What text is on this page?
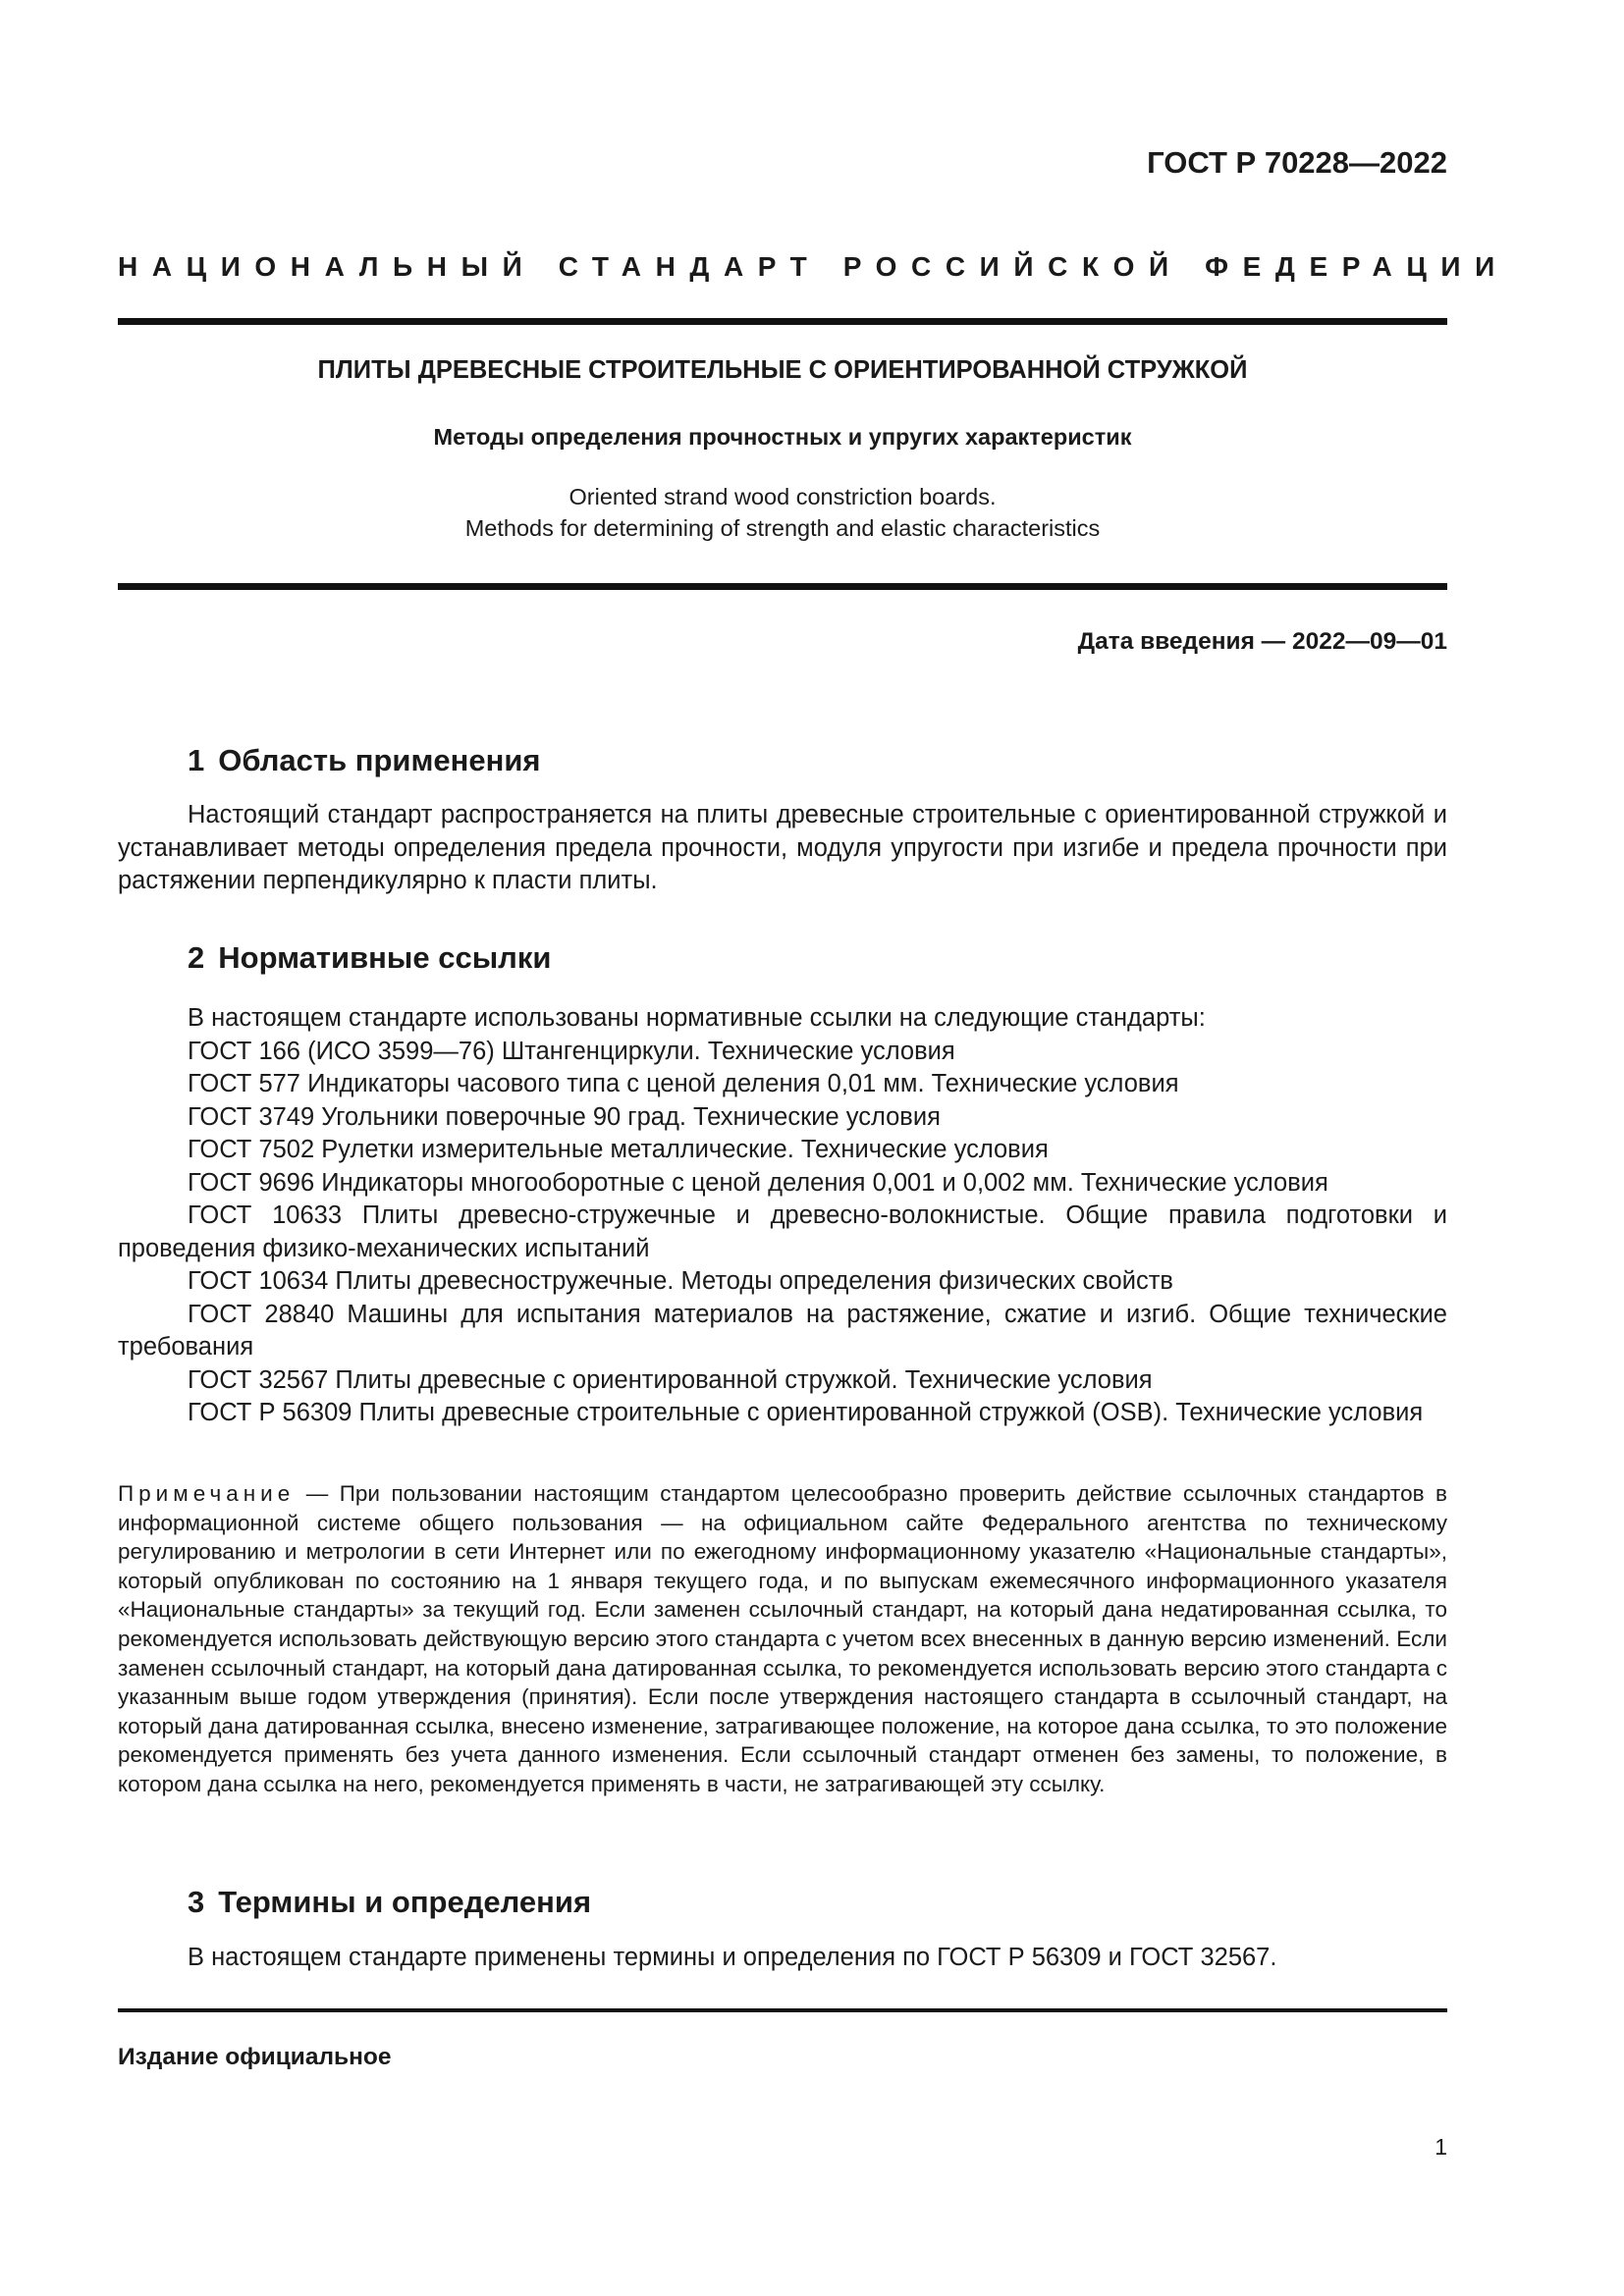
ГОСТ Р 70228—2022
НАЦИОНАЛЬНЫЙ СТАНДАРТ РОССИЙСКОЙ ФЕДЕРАЦИИ
ПЛИТЫ ДРЕВЕСНЫЕ СТРОИТЕЛЬНЫЕ С ОРИЕНТИРОВАННОЙ СТРУЖКОЙ
Методы определения прочностных и упругих характеристик
Oriented strand wood constriction boards.
Methods for determining of strength and elastic characteristics
Дата введения — 2022—09—01
1 Область применения

Настоящий стандарт распространяется на плиты древесные строительные с ориентированной стружкой и устанавливает методы определения предела прочности, модуля упругости при изгибе и предела прочности при растяжении перпендикулярно к пласти плиты.

2 Нормативные ссылки

В настоящем стандарте использованы нормативные ссылки на следующие стандарты:

ГОСТ 166 (ИСО 3599—76) Штангенциркули. Технические условия

ГОСТ 577 Индикаторы часового типа с ценой деления 0,01 мм. Технические условия

ГОСТ 3749 Угольники поверочные 90 град. Технические условия

ГОСТ 7502 Рулетки измерительные металлические. Технические условия

ГОСТ 9696 Индикаторы многооборотные с ценой деления 0,001 и 0,002 мм. Технические условия

ГОСТ 10633 Плиты древесно-стружечные и древесно-волокнистые. Общие правила подготовки и проведения физико-механических испытаний

ГОСТ 10634 Плиты древесностружечные. Методы определения физических свойств

ГОСТ 28840 Машины для испытания материалов на растяжение, сжатие и изгиб. Общие технические требования

ГОСТ 32567 Плиты древесные с ориентированной стружкой. Технические условия

ГОСТ Р 56309 Плиты древесные строительные с ориентированной стружкой (OSB). Технические условия

Примечание — При пользовании настоящим стандартом целесообразно проверить действие ссылочных стандартов в информационной системе общего пользования — на официальном сайте Федерального агентства по техническому регулированию и метрологии в сети Интернет или по ежегодному информационному указателю «Национальные стандарты», который опубликован по состоянию на 1 января текущего года, и по выпускам ежемесячного информационного указателя «Национальные стандарты» за текущий год. Если заменен ссылочный стандарт, на который дана недатированная ссылка, то рекомендуется использовать действующую версию этого стандарта с учетом всех внесенных в данную версию изменений. Если заменен ссылочный стандарт, на который дана датированная ссылка, то рекомендуется использовать версию этого стандарта с указанным выше годом утверждения (принятия). Если после утверждения настоящего стандарта в ссылочный стандарт, на который дана датированная ссылка, внесено изменение, затрагивающее положение, на которое дана ссылка, то это положение рекомендуется применять без учета данного изменения. Если ссылочный стандарт отменен без замены, то положение, в котором дана ссылка на него, рекомендуется применять в части, не затрагивающей эту ссылку.
3 Термины и определения
В настоящем стандарте применены термины и определения по ГОСТ Р 56309 и ГОСТ 32567.
Издание официальное
1
